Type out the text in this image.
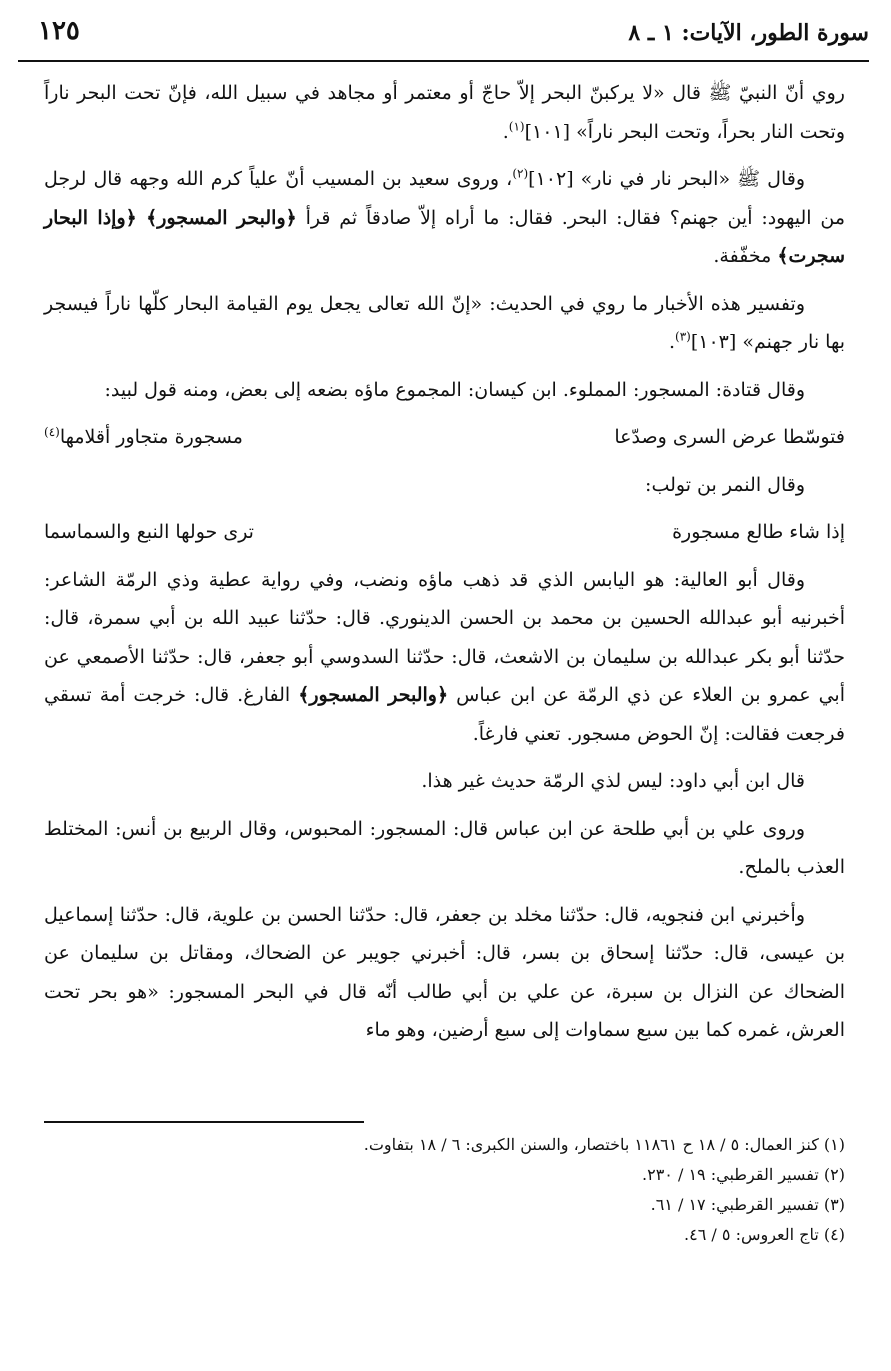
سورة الطور، الآيات: ١ ـ ٨
١٢٥

روي أنّ النبيّ ﷺ قال «لا يركبنّ البحر إلاّ حاجّ أو معتمر أو مجاهد في سبيل الله، فإنّ تحت البحر ناراً وتحت النار بحراً، وتحت البحر ناراً» [١٠١]$^{(١)}$.

وقال ﷺ «البحر نار في نار» [١٠٢]$^{(٢)}$، وروى سعيد بن المسيب أنّ علياً كرم الله وجهه قال لرجل من اليهود: أين جهنم؟ فقال: البحر. فقال: ما أراه إلاّ صادقاً ثم قرأ ﴿والبحر المسجور﴾ ﴿وإذا البحار سجرت﴾ مخفّفة.

وتفسير هذه الأخبار ما روي في الحديث: «إنّ الله تعالى يجعل يوم القيامة البحار كلّها ناراً فيسجر بها نار جهنم» [١٠٣]$^{(٣)}$.

وقال قتادة: المسجور: المملوء. ابن كيسان: المجموع ماؤه بضعه إلى بعض، ومنه قول لبيد:

فتوسّطا عرض السرى وصدّعا
مسجورة متجاور أقلامها(٤)

وقال النمر بن تولب:

إذا شاء طالع مسجورة
ترى حولها النبع والسماسما

وقال أبو العالية: هو اليابس الذي قد ذهب ماؤه ونضب، وفي رواية عطية وذي الرمّة الشاعر: أخبرنيه أبو عبدالله الحسين بن محمد بن الحسن الدينوري. قال: حدّثنا عبيد الله بن أبي سمرة، قال: حدّثنا أبو بكر عبدالله بن سليمان بن الاشعث، قال: حدّثنا السدوسي أبو جعفر، قال: حدّثنا الأصمعي عن أبي عمرو بن العلاء عن ذي الرمّة عن ابن عباس ﴿والبحر المسجور﴾ الفارغ. قال: خرجت أمة تسقي فرجعت فقالت: إنّ الحوض مسجور. تعني فارغاً.

قال ابن أبي داود: ليس لذي الرمّة حديث غير هذا.

وروى علي بن أبي طلحة عن ابن عباس قال: المسجور: المحبوس، وقال الربيع بن أنس: المختلط العذب بالملح.

وأخبرني ابن فنجويه، قال: حدّثنا مخلد بن جعفر، قال: حدّثنا الحسن بن علوية، قال: حدّثنا إسماعيل بن عيسى، قال: حدّثنا إسحاق بن بسر، قال: أخبرني جويبر عن الضحاك، ومقاتل بن سليمان عن الضحاك عن النزال بن سبرة، عن علي بن أبي طالب أنّه قال في البحر المسجور: «هو بحر تحت العرش، غمره كما بين سبع سماوات إلى سبع أرضين، وهو ماء

(١) كنز العمال: ٥ / ١٨ ح ١١٨٦١ باختصار، والسنن الكبرى: ٦ / ١٨ بتفاوت.

(٢) تفسير القرطبي: ١٩ / ٢٣٠.

(٣) تفسير القرطبي: ١٧ / ٦١.

(٤) تاج العروس: ٥ / ٤٦.
